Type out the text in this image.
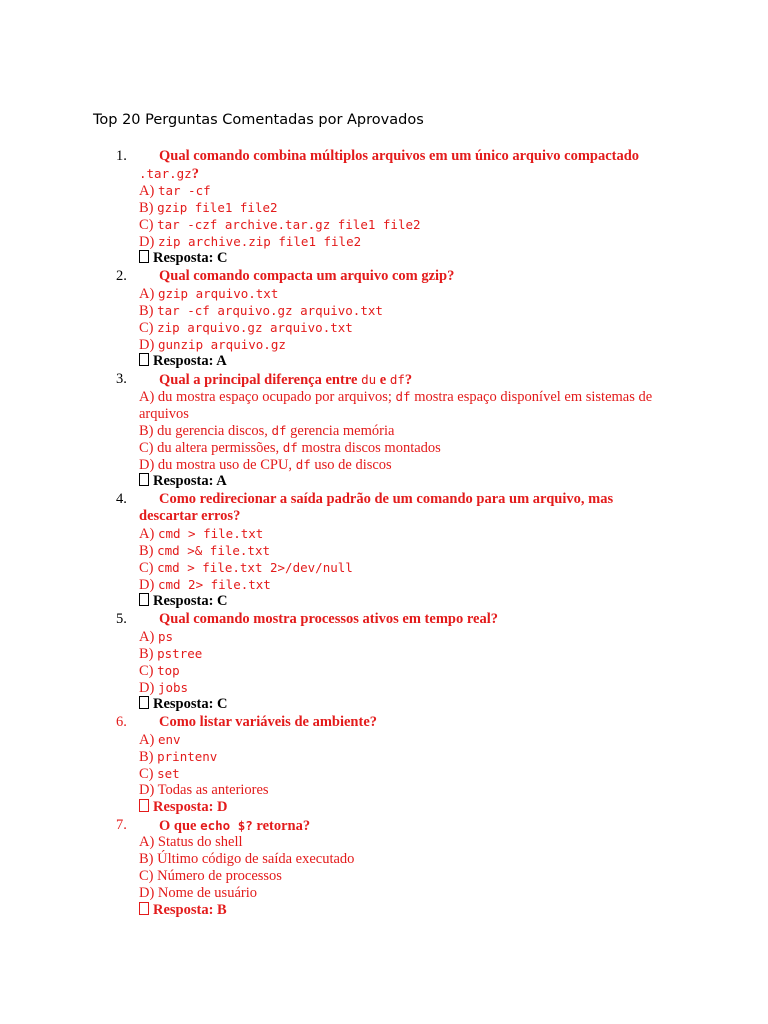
Top 20 Perguntas Comentadas por Aprovados
1.	Qual comando combina múltiplos arquivos em um único arquivo compactado .tar.gz?
A) tar -cf
B) gzip file1 file2
C) tar -czf archive.tar.gz file1 file2
D) zip archive.zip file1 file2
Resposta: C
2. Qual comando compacta um arquivo com gzip?
A) gzip arquivo.txt
B) tar -cf arquivo.gz arquivo.txt
C) zip arquivo.gz arquivo.txt
D) gunzip arquivo.gz
Resposta: A
3. Qual a principal diferença entre du e df?
A) du mostra espaço ocupado por arquivos; df mostra espaço disponível em sistemas de arquivos
B) du gerencia discos, df gerencia memória
C) du altera permissões, df mostra discos montados
D) du mostra uso de CPU, df uso de discos
Resposta: A
4.	Como redirecionar a saída padrão de um comando para um arquivo, mas descartar erros?
A) cmd > file.txt
B) cmd >& file.txt
C) cmd > file.txt 2>/dev/null
D) cmd 2> file.txt
Resposta: C
5. Qual comando mostra processos ativos em tempo real?
A) ps
B) pstree
C) top
D) jobs
Resposta: C
6. Como listar variáveis de ambiente?
A) env
B) printenv
C) set
D) Todas as anteriores
Resposta: D
7. O que echo $? retorna?
A) Status do shell
B) Último código de saída executado
C) Número de processos
D) Nome de usuário
Resposta: B
